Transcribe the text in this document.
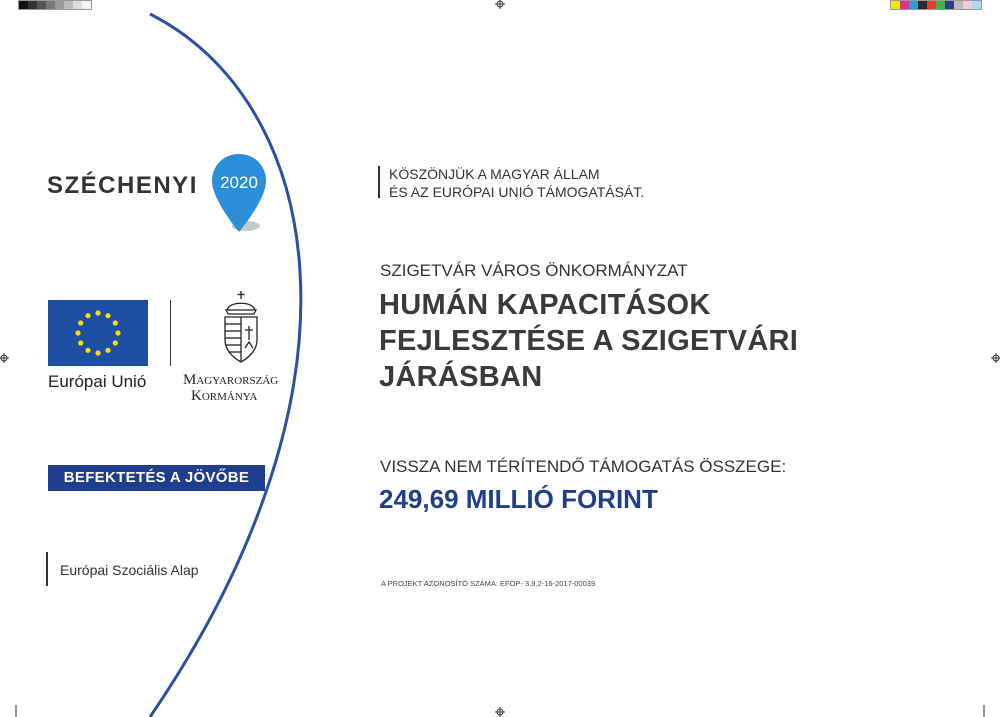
SZÉCHENYI 2020	KÖSZÖNJÜK A MAGYAR ÁLLAM
ÉS AZ EURÓPAI UNIÓ TÁMOGATÁSÁT.
Európai Unió Magyarország
Kormánya
BEFEKTETÉS A JÖVŐBE
Európai Szociális Alap
SZIGETVÁR VÁROS ÖNKORMÁNYZAT
HUMÁN KAPACITÁSOK
FEJLESZTÉSE A SZIGETVÁRI
JÁRÁSBAN
VISSZA NEM TÉRÍTENDŐ TÁMOGATÁS ÖSSZEGE:
249,69 MILLIÓ FORINT
A PROJEKT AZONOSÍTÓ SZÁMA: EFOP- 3.9.2-16-2017-00039
